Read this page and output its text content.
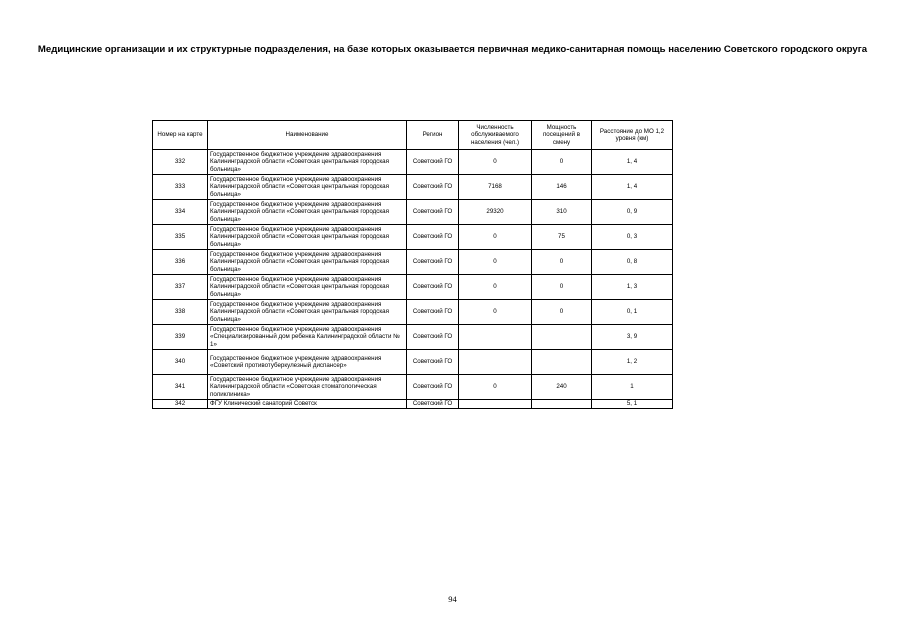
Медицинские организации и их структурные подразделения, на базе которых оказывается первичная медико-санитарная помощь населению Советского городского округа
Номер на карте	Наименование	Регион	Численность обслуживаемого населения (чел.)	Мощность посещений в смену	Расстояние до МО 1,2 уровня (км)
332	Государственное бюджетное учреждение здравоохранения Калининградской области «Советская центральная городская больница»	Советский ГО	0	0	1, 4
333	Государственное бюджетное учреждение здравоохранения Калининградской области «Советская центральная городская больница»	Советский ГО	7168	146	1, 4
334	Государственное бюджетное учреждение здравоохранения Калининградской области «Советская центральная городская больница»	Советский ГО	29320	310	0, 9
335	Государственное бюджетное учреждение здравоохранения Калининградской области «Советская центральная городская больница»	Советский ГО	0	75	0, 3
336	Государственное бюджетное учреждение здравоохранения Калининградской области «Советская центральная городская больница»	Советский ГО	0	0	0, 8
337	Государственное бюджетное учреждение здравоохранения Калининградской области «Советская центральная городская больница»	Советский ГО	0	0	1, 3
338	Государственное бюджетное учреждение здравоохранения Калининградской области «Советская центральная городская больница»	Советский ГО	0	0	0, 1
339	Государственное бюджетное учреждение здравоохранения «Специализированный дом ребенка Калининградской области № 1»	Советский ГО			3, 9
340	Государственное бюджетное учреждение здравоохранения «Советский противотуберкулезный диспансер»	Советский ГО			1, 2
341	Государственное бюджетное учреждение здравоохранения Калининградской области «Советская стоматологическая поликлиника»	Советский ГО	0	240	1
342	ФГУ Клинический санаторий Советск	Советский ГО			5, 1
94
